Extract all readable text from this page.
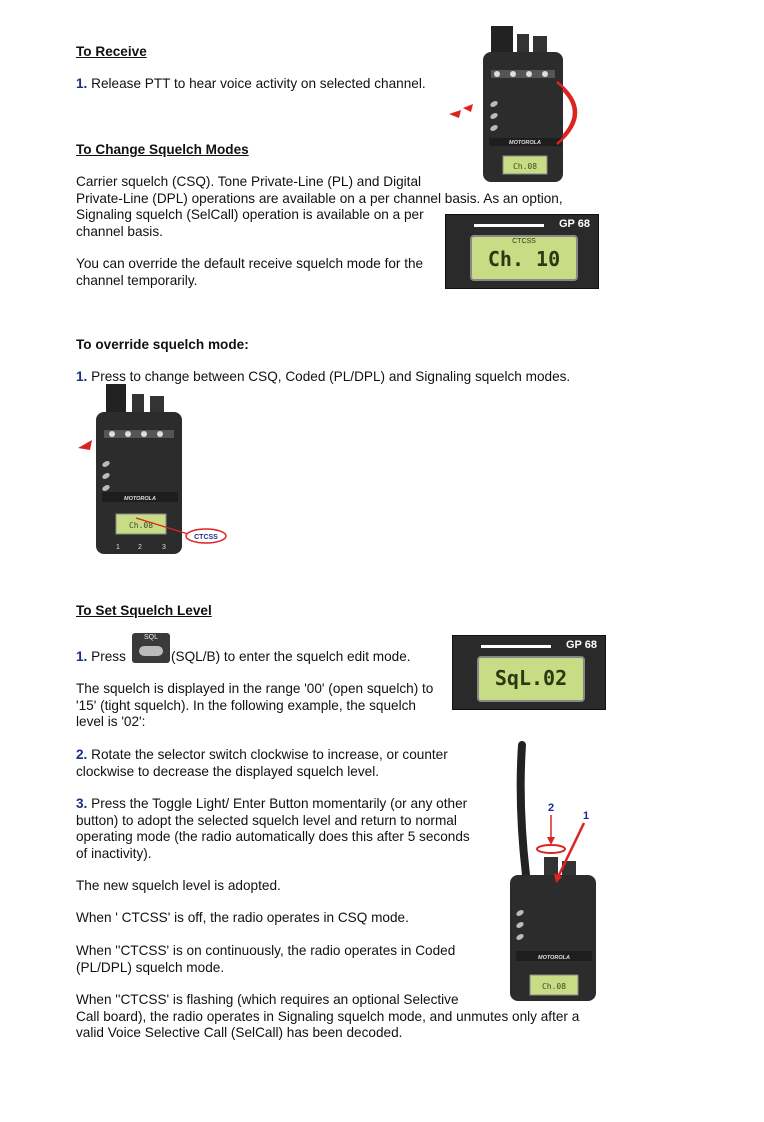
To Receive

1. Release PTT to hear voice activity on selected channel.

MOTOROLA
Ch.08

To Change Squelch Modes

Carrier squelch (CSQ). Tone Private-Line (PL) and Digital
Private-Line (DPL) operations are available on a per channel basis. As an option,
Signaling squelch (SelCall) operation is available on a per
channel basis.

You can override the default receive squelch mode for the
channel temporarily.

GP 68
CTCSS
Ch. 10

To override squelch mode:

1. Press to change between CSQ, Coded (PL/DPL) and Signaling squelch modes.

MOTOROLA
Ch.08
1	2	3
CTCSS

To Set Squelch Level

1. Press

SQL

(SQL/B) to enter the squelch edit mode.

The squelch is displayed in the range '00' (open squelch) to
'15' (tight squelch). In the following example, the squelch
level is '02':

GP 68
SqL.02

2. Rotate the selector switch clockwise to increase, or counter
clockwise to decrease the displayed squelch level.

3. Press the Toggle Light/ Enter Button momentarily (or any other
button) to adopt the selected squelch level and return to normal
operating mode (the radio automatically does this after 5 seconds
of inactivity).

The new squelch level is adopted.

When ' CTCSS' is off, the radio operates in CSQ mode.

When ''CTCSS' is on continuously, the radio operates in Coded
(PL/DPL) squelch mode.

When ''CTCSS' is flashing (which requires an optional Selective
Call board), the radio operates in Signaling squelch mode, and unmutes only after a
valid Voice Selective Call (SelCall) has been decoded.

MOTOROLA
Ch.08
2
1
